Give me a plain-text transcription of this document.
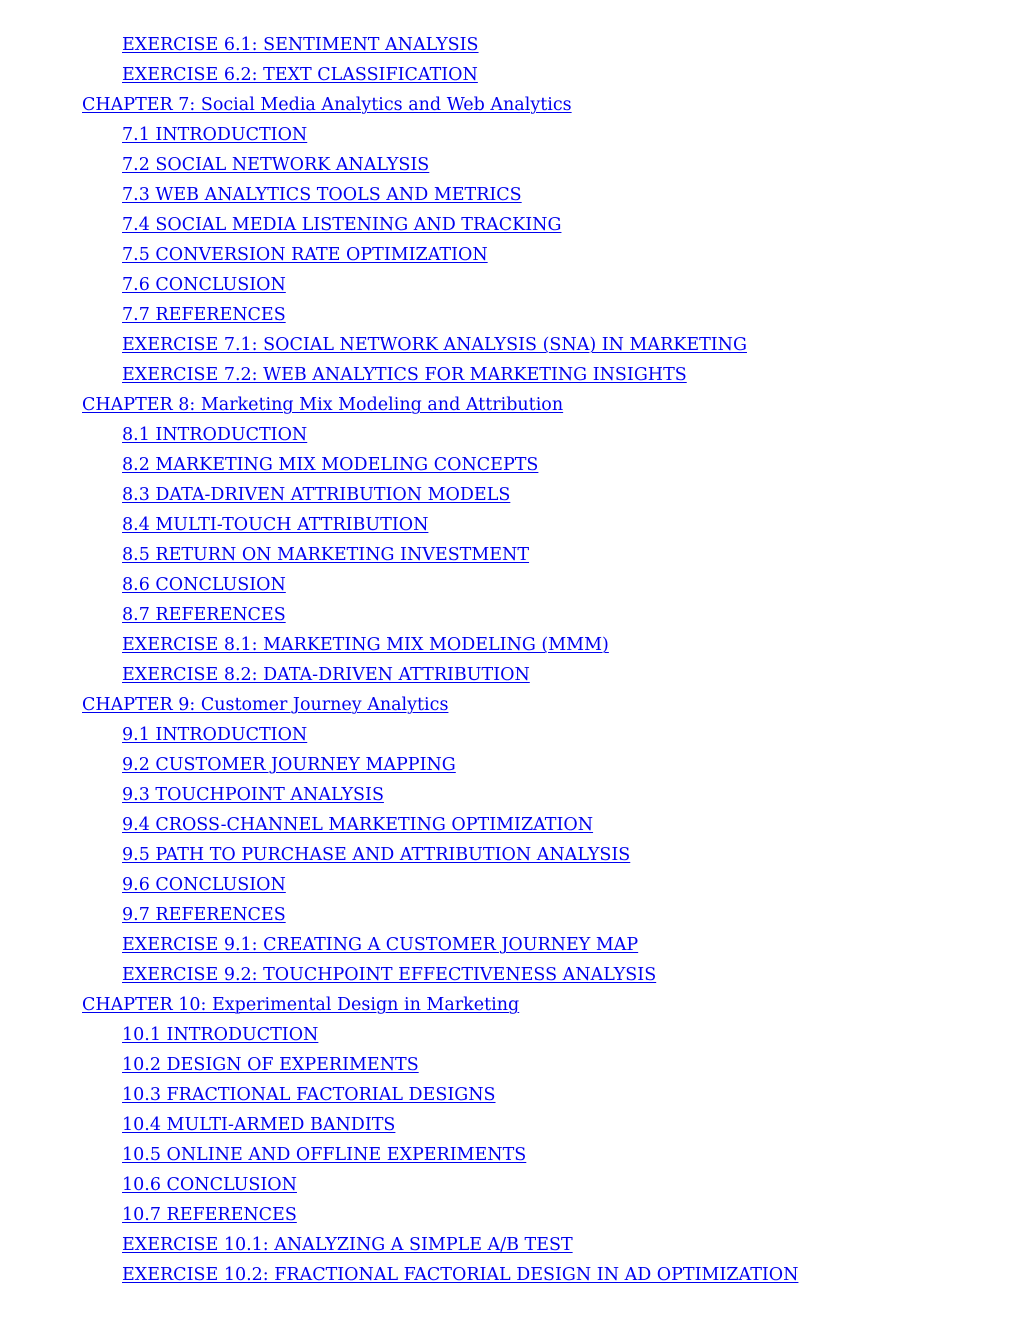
EXERCISE 6.1: SENTIMENT ANALYSIS
EXERCISE 6.2: TEXT CLASSIFICATION
CHAPTER 7: Social Media Analytics and Web Analytics
7.1 INTRODUCTION
7.2 SOCIAL NETWORK ANALYSIS
7.3 WEB ANALYTICS TOOLS AND METRICS
7.4 SOCIAL MEDIA LISTENING AND TRACKING
7.5 CONVERSION RATE OPTIMIZATION
7.6 CONCLUSION
7.7 REFERENCES
EXERCISE 7.1: SOCIAL NETWORK ANALYSIS (SNA) IN MARKETING
EXERCISE 7.2: WEB ANALYTICS FOR MARKETING INSIGHTS
CHAPTER 8: Marketing Mix Modeling and Attribution
8.1 INTRODUCTION
8.2 MARKETING MIX MODELING CONCEPTS
8.3 DATA-DRIVEN ATTRIBUTION MODELS
8.4 MULTI-TOUCH ATTRIBUTION
8.5 RETURN ON MARKETING INVESTMENT
8.6 CONCLUSION
8.7 REFERENCES
EXERCISE 8.1: MARKETING MIX MODELING (MMM)
EXERCISE 8.2: DATA-DRIVEN ATTRIBUTION
CHAPTER 9: Customer Journey Analytics
9.1 INTRODUCTION
9.2 CUSTOMER JOURNEY MAPPING
9.3 TOUCHPOINT ANALYSIS
9.4 CROSS-CHANNEL MARKETING OPTIMIZATION
9.5 PATH TO PURCHASE AND ATTRIBUTION ANALYSIS
9.6 CONCLUSION
9.7 REFERENCES
EXERCISE 9.1: CREATING A CUSTOMER JOURNEY MAP
EXERCISE 9.2: TOUCHPOINT EFFECTIVENESS ANALYSIS
CHAPTER 10: Experimental Design in Marketing
10.1 INTRODUCTION
10.2 DESIGN OF EXPERIMENTS
10.3 FRACTIONAL FACTORIAL DESIGNS
10.4 MULTI-ARMED BANDITS
10.5 ONLINE AND OFFLINE EXPERIMENTS
10.6 CONCLUSION
10.7 REFERENCES
EXERCISE 10.1: ANALYZING A SIMPLE A/B TEST
EXERCISE 10.2: FRACTIONAL FACTORIAL DESIGN IN AD OPTIMIZATION
